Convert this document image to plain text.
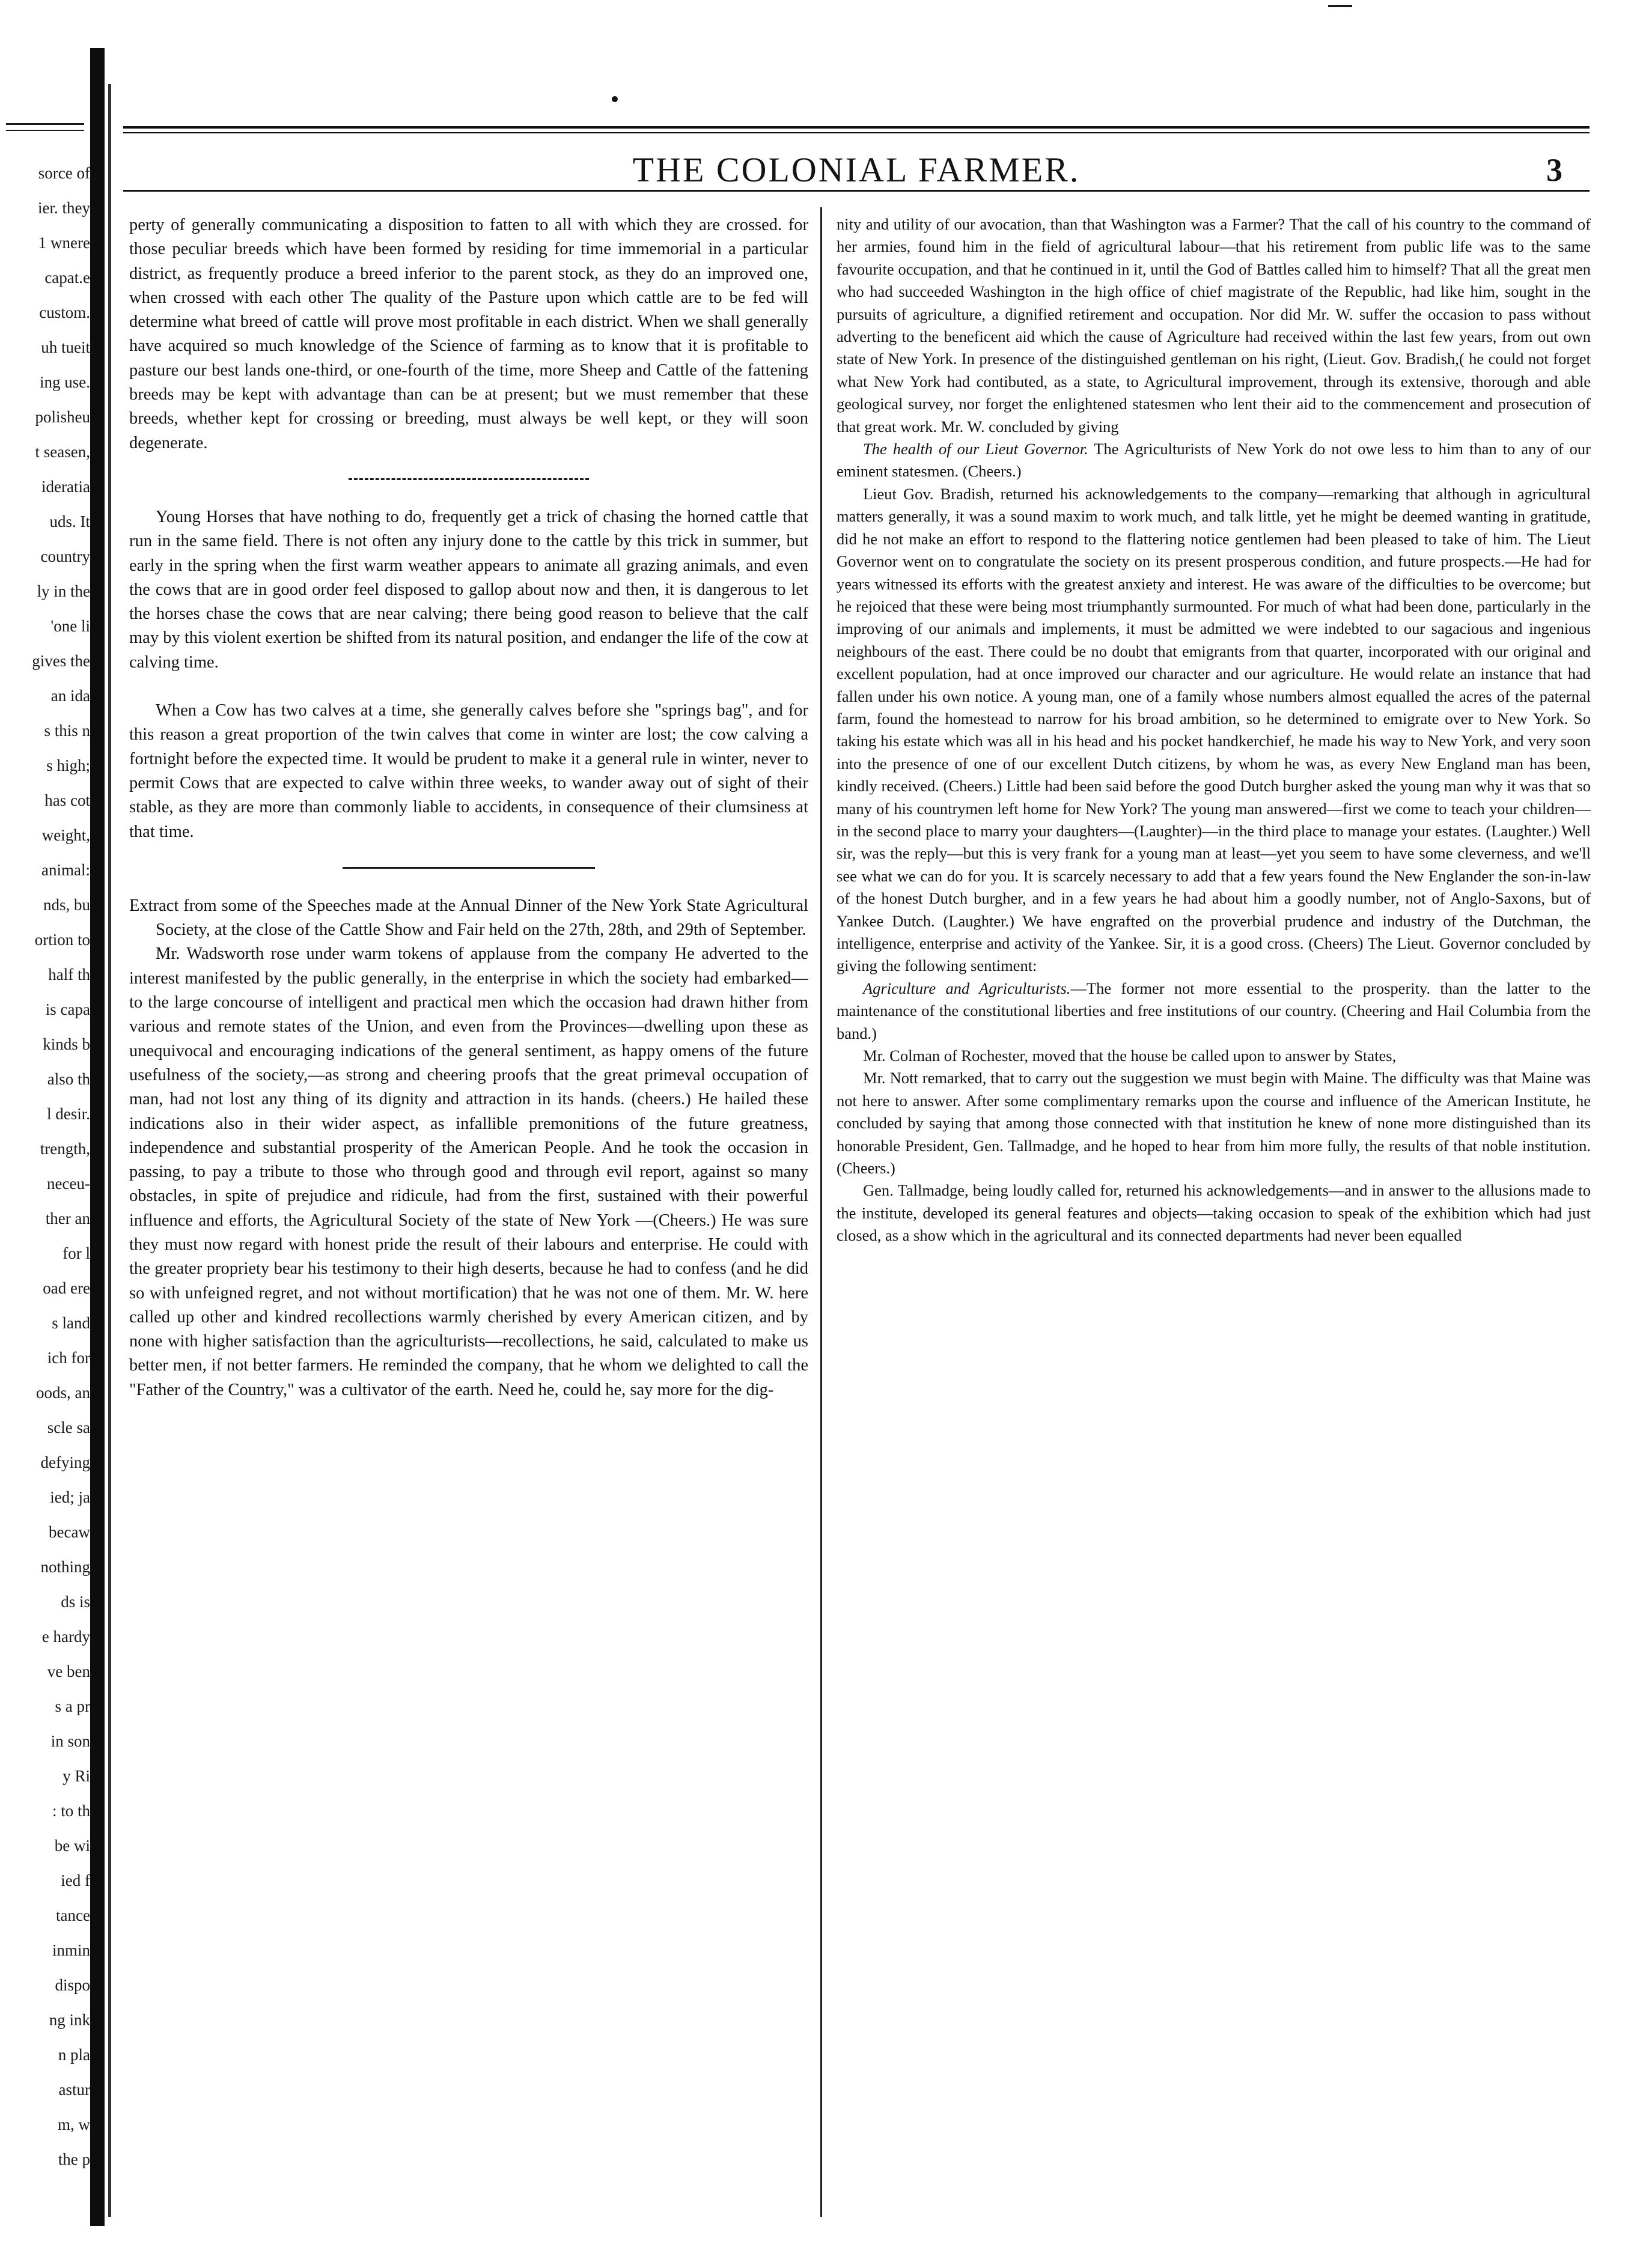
sorce of
ier. they
1 wnere
capat.e
custom.
uh tueit
ing use.
polisheu
t seasen,
ideratia
uds. It
country
ly in the
'one li
gives the
an ida
s this n
s high;
has cot
weight,
animal:
nds, bu
ortion to
half th
is capa
kinds b
also th
l desir.
trength,
neceu-
ther an
for l
oad ere
s land
ich for
oods, an
scle sa
defying
ied; ja
becaw
nothing
ds is
e hardy
ve ben
s a pr
in son
y Ri
: to th
be wi
ied f
tance
inmin
dispo
ng ink
n pla
astur
m, w
the p
THE COLONIAL FARMER.	3

perty of generally communicating a disposition to fatten to all with which they are crossed. for those peculiar breeds which have been formed by residing for time immemorial in a particular district, as frequently produce a breed inferior to the parent stock, as they do an improved one, when crossed with each other The quality of the Pasture upon which cattle are to be fed will determine what breed of cattle will prove most profitable in each district. When we shall generally have acquired so much knowledge of the Science of farming as to know that it is profitable to pasture our best lands one-third, or one-fourth of the time, more Sheep and Cattle of the fattening breeds may be kept with advantage than can be at present; but we must remember that these breeds, whether kept for crossing or breeding, must always be well kept, or they will soon degenerate.

Young Horses that have nothing to do, frequently get a trick of chasing the horned cattle that run in the same field. There is not often any injury done to the cattle by this trick in summer, but early in the spring when the first warm weather appears to animate all grazing animals, and even the cows that are in good order feel disposed to gallop about now and then, it is dangerous to let the horses chase the cows that are near calving; there being good reason to believe that the calf may by this violent exertion be shifted from its natural position, and endanger the life of the cow at calving time.

When a Cow has two calves at a time, she generally calves before she "springs bag", and for this reason a great proportion of the twin calves that come in winter are lost; the cow calving a fortnight before the expected time. It would be prudent to make it a general rule in winter, never to permit Cows that are expected to calve within three weeks, to wander away out of sight of their stable, as they are more than commonly liable to accidents, in consequence of their clumsiness at that time.

Extract from some of the Speeches made at the Annual Dinner of the New York State Agricultural Society, at the close of the Cattle Show and Fair held on the 27th, 28th, and 29th of September.

Mr. Wadsworth rose under warm tokens of applause from the company He adverted to the interest manifested by the public generally, in the enterprise in which the society had embarked—to the large concourse of intelligent and practical men which the occasion had drawn hither from various and remote states of the Union, and even from the Provinces—dwelling upon these as unequivocal and encouraging indications of the general sentiment, as happy omens of the future usefulness of the society,—as strong and cheering proofs that the great primeval occupation of man, had not lost any thing of its dignity and attraction in its hands. (cheers.) He hailed these indications also in their wider aspect, as infallible premonitions of the future greatness, independence and substantial prosperity of the American People. And he took the occasion in passing, to pay a tribute to those who through good and through evil report, against so many obstacles, in spite of prejudice and ridicule, had from the first, sustained with their powerful influence and efforts, the Agricultural Society of the state of New York —(Cheers.) He was sure they must now regard with honest pride the result of their labours and enterprise. He could with the greater propriety bear his testimony to their high deserts, because he had to confess (and he did so with unfeigned regret, and not without mortification) that he was not one of them. Mr. W. here called up other and kindred recollections warmly cherished by every American citizen, and by none with higher satisfaction than the agriculturists—recollections, he said, calculated to make us better men, if not better farmers. He reminded the company, that he whom we delighted to call the "Father of the Country," was a cultivator of the earth. Need he, could he, say more for the dig-

nity and utility of our avocation, than that Washington was a Farmer? That the call of his country to the command of her armies, found him in the field of agricultural labour—that his retirement from public life was to the same favourite occupation, and that he continued in it, until the God of Battles called him to himself? That all the great men who had succeeded Washington in the high office of chief magistrate of the Republic, had like him, sought in the pursuits of agriculture, a dignified retirement and occupation. Nor did Mr. W. suffer the occasion to pass without adverting to the beneficent aid which the cause of Agriculture had received within the last few years, from out own state of New York. In presence of the distinguished gentleman on his right, (Lieut. Gov. Bradish,( he could not forget what New York had contibuted, as a state, to Agricultural improvement, through its extensive, thorough and able geological survey, nor forget the enlightened statesmen who lent their aid to the commencement and prosecution of that great work. Mr. W. concluded by giving

The health of our Lieut Governor. The Agriculturists of New York do not owe less to him than to any of our eminent statesmen. (Cheers.)

Lieut Gov. Bradish, returned his acknowledgements to the company—remarking that although in agricultural matters generally, it was a sound maxim to work much, and talk little, yet he might be deemed wanting in gratitude, did he not make an effort to respond to the flattering notice gentlemen had been pleased to take of him. The Lieut Governor went on to congratulate the society on its present prosperous condition, and future prospects.—He had for years witnessed its efforts with the greatest anxiety and interest. He was aware of the difficulties to be overcome; but he rejoiced that these were being most triumphantly surmounted. For much of what had been done, particularly in the improving of our animals and implements, it must be admitted we were indebted to our sagacious and ingenious neighbours of the east. There could be no doubt that emigrants from that quarter, incorporated with our original and excellent population, had at once improved our character and our agriculture. He would relate an instance that had fallen under his own notice. A young man, one of a family whose numbers almost equalled the acres of the paternal farm, found the homestead to narrow for his broad ambition, so he determined to emigrate over to New York. So taking his estate which was all in his head and his pocket handkerchief, he made his way to New York, and very soon into the presence of one of our excellent Dutch citizens, by whom he was, as every New England man has been, kindly received. (Cheers.) Little had been said before the good Dutch burgher asked the young man why it was that so many of his countrymen left home for New York? The young man answered—first we come to teach your children—in the second place to marry your daughters—(Laughter)—in the third place to manage your estates. (Laughter.) Well sir, was the reply—but this is very frank for a young man at least—yet you seem to have some cleverness, and we'll see what we can do for you. It is scarcely necessary to add that a few years found the New Englander the son-in-law of the honest Dutch burgher, and in a few years he had about him a goodly number, not of Anglo-Saxons, but of Yankee Dutch. (Laughter.) We have engrafted on the proverbial prudence and industry of the Dutchman, the intelligence, enterprise and activity of the Yankee. Sir, it is a good cross. (Cheers) The Lieut. Governor concluded by giving the following sentiment:

Agriculture and Agriculturists.—The former not more essential to the prosperity. than the latter to the maintenance of the constitutional liberties and free institutions of our country. (Cheering and Hail Columbia from the band.)

Mr. Colman of Rochester, moved that the house be called upon to answer by States,

Mr. Nott remarked, that to carry out the suggestion we must begin with Maine. The difficulty was that Maine was not here to answer. After some complimentary remarks upon the course and influence of the American Institute, he concluded by saying that among those connected with that institution he knew of none more distinguished than its honorable President, Gen. Tallmadge, and he hoped to hear from him more fully, the results of that noble institution. (Cheers.)

Gen. Tallmadge, being loudly called for, returned his acknowledgements—and in answer to the allusions made to the institute, developed its general features and objects—taking occasion to speak of the exhibition which had just closed, as a show which in the agricultural and its connected departments had never been equalled
